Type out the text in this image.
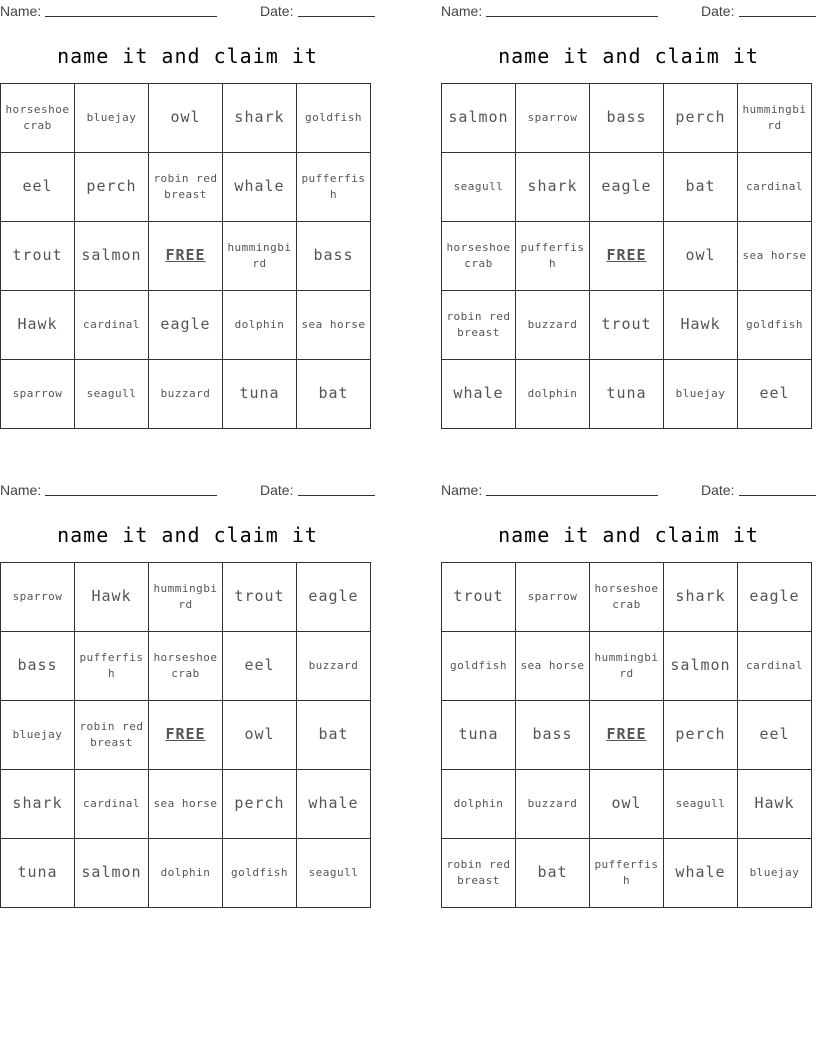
Name:	Date:
name it and claim it
horseshoe crab	bluejay	owl	shark	goldfish
eel	perch	robin redbreast	whale	pufferfish
trout	salmon	FREE	hummingbird	bass
Hawk	cardinal	eagle	dolphin	sea horse
sparrow	seagull	buzzard	tuna	bat
Name:	Date:
name it and claim it
salmon	sparrow	bass	perch	hummingbird
seagull	shark	eagle	bat	cardinal
horseshoe crab	pufferfish	FREE	owl	sea horse
robin redbreast	buzzard	trout	Hawk	goldfish
whale	dolphin	tuna	bluejay	eel
Name:	Date:
name it and claim it
sparrow	Hawk	hummingbird	trout	eagle
bass	pufferfish	horseshoe crab	eel	buzzard
bluejay	robin redbreast	FREE	owl	bat
shark	cardinal	sea horse	perch	whale
tuna	salmon	dolphin	goldfish	seagull
Name:	Date:
name it and claim it
trout	sparrow	horseshoe crab	shark	eagle
goldfish	sea horse	hummingbird	salmon	cardinal
tuna	bass	FREE	perch	eel
dolphin	buzzard	owl	seagull	Hawk
robin redbreast	bat	pufferfish	whale	bluejay
